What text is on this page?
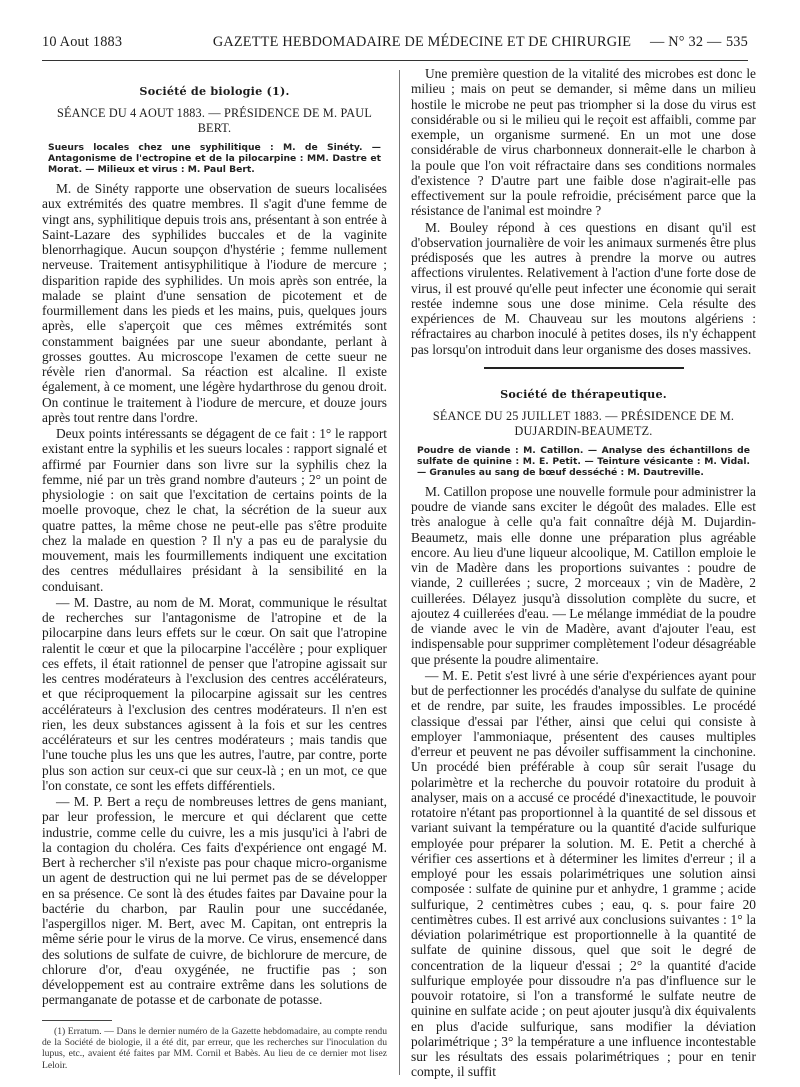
10 Aout 1883	GAZETTE HEBDOMADAIRE DE MÉDECINE ET DE CHIRURGIE	— N° 32 — 535
Société de biologie (1).
SÉANCE DU 4 AOUT 1883. — PRÉSIDENCE DE M. PAUL BERT.
Sueurs locales chez une syphilitique : M. de Sinéty. — Antagonisme de l'ectropine et de la pilocarpine : MM. Dastre et Morat. — Milieux et virus : M. Paul Bert.

M. de Sinéty rapporte une observation de sueurs localisées aux extrémités des quatre membres. Il s'agit d'une femme de vingt ans, syphilitique depuis trois ans, présentant à son entrée à Saint-Lazare des syphilides buccales et de la vaginite blenorrhagique. Aucun soupçon d'hystérie ; femme nullement nerveuse. Traitement antisyphilitique à l'iodure de mercure ; disparition rapide des syphilides. Un mois après son entrée, la malade se plaint d'une sensation de picotement et de fourmillement dans les pieds et les mains, puis, quelques jours après, elle s'aperçoit que ces mêmes extrémités sont constamment baignées par une sueur abondante, perlant à grosses gouttes. Au microscope l'examen de cette sueur ne révèle rien d'anormal. Sa réaction est alcaline. Il existe également, à ce moment, une légère hydarthrose du genou droit. On continue le traitement à l'iodure de mercure, et douze jours après tout rentre dans l'ordre.

Deux points intéressants se dégagent de ce fait : 1° le rapport existant entre la syphilis et les sueurs locales : rapport signalé et affirmé par Fournier dans son livre sur la syphilis chez la femme, nié par un très grand nombre d'auteurs ; 2° un point de physiologie : on sait que l'excitation de certains points de la moelle provoque, chez le chat, la sécrétion de la sueur aux quatre pattes, la même chose ne peut-elle pas s'être produite chez la malade en question ? Il n'y a pas eu de paralysie du mouvement, mais les fourmillements indiquent une excitation des centres médullaires présidant à la sensibilité en la conduisant.

— M. Dastre, au nom de M. Morat, communique le résultat de recherches sur l'antagonisme de l'atropine et de la pilocarpine dans leurs effets sur le cœur. On sait que l'atropine ralentit le cœur et que la pilocarpine l'accélère ; pour expliquer ces effets, il était rationnel de penser que l'atropine agissait sur les centres modérateurs à l'exclusion des centres accélérateurs, et que réciproquement la pilocarpine agissait sur les centres accélérateurs à l'exclusion des centres modérateurs. Il n'en est rien, les deux substances agissent à la fois et sur les centres accélérateurs et sur les centres modérateurs ; mais tandis que l'une touche plus les uns que les autres, l'autre, par contre, porte plus son action sur ceux-ci que sur ceux-là ; en un mot, ce que l'on constate, ce sont les effets différentiels.

— M. P. Bert a reçu de nombreuses lettres de gens maniant, par leur profession, le mercure et qui déclarent que cette industrie, comme celle du cuivre, les a mis jusqu'ici à l'abri de la contagion du choléra. Ces faits d'expérience ont engagé M. Bert à rechercher s'il n'existe pas pour chaque micro-organisme un agent de destruction qui ne lui permet pas de se développer en sa présence. Ce sont là des études faites par Davaine pour la bactérie du charbon, par Raulin pour une succédanée, l'aspergillos niger. M. Bert, avec M. Capitan, ont entrepris la même série pour le virus de la morve. Ce virus, ensemencé dans des solutions de sulfate de cuivre, de bichlorure de mercure, de chlorure d'or, d'eau oxygénée, ne fructifie pas ; son développement est au contraire extrême dans les solutions de permanganate de potasse et de carbonate de potasse.

(1) Erratum. — Dans le dernier numéro de la Gazette hebdomadaire, au compte rendu de la Société de biologie, il a été dit, par erreur, que les recherches sur l'inoculation du lupus, etc., avaient été faites par MM. Cornil et Babès. Au lieu de ce dernier mot lisez Leloir.

Une première question de la vitalité des microbes est donc le milieu ; mais on peut se demander, si même dans un milieu hostile le microbe ne peut pas triompher si la dose du virus est considérable ou si le milieu qui le reçoit est affaibli, comme par exemple, un organisme surmené. En un mot une dose considérable de virus charbonneux donnerait-elle le charbon à la poule que l'on voit réfractaire dans ses conditions normales d'existence ? D'autre part une faible dose n'agirait-elle pas effectivement sur la poule refroidie, précisément parce que la résistance de l'animal est moindre ?

M. Bouley répond à ces questions en disant qu'il est d'observation journalière de voir les animaux surmenés être plus prédisposés que les autres à prendre la morve ou autres affections virulentes. Relativement à l'action d'une forte dose de virus, il est prouvé qu'elle peut infecter une économie qui serait restée indemne sous une dose minime. Cela résulte des expériences de M. Chauveau sur les moutons algériens : réfractaires au charbon inoculé à petites doses, ils n'y échappent pas lorsqu'on introduit dans leur organisme des doses massives.

Société de thérapeutique.
SÉANCE DU 25 JUILLET 1883. — PRÉSIDENCE DE M. DUJARDIN-BEAUMETZ.
Poudre de viande : M. Catillon. — Analyse des échantillons de sulfate de quinine : M. E. Petit. — Teinture vésicante : M. Vidal. — Granules au sang de bœuf desséché : M. Dautreville.

M. Catillon propose une nouvelle formule pour administrer la poudre de viande sans exciter le dégoût des malades. Elle est très analogue à celle qu'a fait connaître déjà M. Dujardin-Beaumetz, mais elle donne une préparation plus agréable encore. Au lieu d'une liqueur alcoolique, M. Catillon emploie le vin de Madère dans les proportions suivantes : poudre de viande, 2 cuillerées ; sucre, 2 morceaux ; vin de Madère, 2 cuillerées. Délayez jusqu'à dissolution complète du sucre, et ajoutez 4 cuillerées d'eau. — Le mélange immédiat de la poudre de viande avec le vin de Madère, avant d'ajouter l'eau, est indispensable pour supprimer complètement l'odeur désagréable que présente la poudre alimentaire.

— M. E. Petit s'est livré à une série d'expériences ayant pour but de perfectionner les procédés d'analyse du sulfate de quinine et de rendre, par suite, les fraudes impossibles. Le procédé classique d'essai par l'éther, ainsi que celui qui consiste à employer l'ammoniaque, présentent des causes multiples d'erreur et peuvent ne pas dévoiler suffisamment la cinchonine. Un procédé bien préférable à coup sûr serait l'usage du polarimètre et la recherche du pouvoir rotatoire du produit à analyser, mais on a accusé ce procédé d'inexactitude, le pouvoir rotatoire n'étant pas proportionnel à la quantité de sel dissous et variant suivant la température ou la quantité d'acide sulfurique employée pour préparer la solution. M. E. Petit a cherché à vérifier ces assertions et à déterminer les limites d'erreur ; il a employé pour les essais polarimétriques une solution ainsi composée : sulfate de quinine pur et anhydre, 1 gramme ; acide sulfurique, 2 centimètres cubes ; eau, q. s. pour faire 20 centimètres cubes. Il est arrivé aux conclusions suivantes : 1° la déviation polarimétrique est proportionnelle à la quantité de sulfate de quinine dissous, quel que soit le degré de concentration de la liqueur d'essai ; 2° la quantité d'acide sulfurique employée pour dissoudre n'a pas d'influence sur le pouvoir rotatoire, si l'on a transformé le sulfate neutre de quinine en sulfate acide ; on peut ajouter jusqu'à dix équivalents en plus d'acide sulfurique, sans modifier la déviation polarimétrique ; 3° la température a une influence incontestable sur les résultats des essais polarimétriques ; pour en tenir compte, il suffit
